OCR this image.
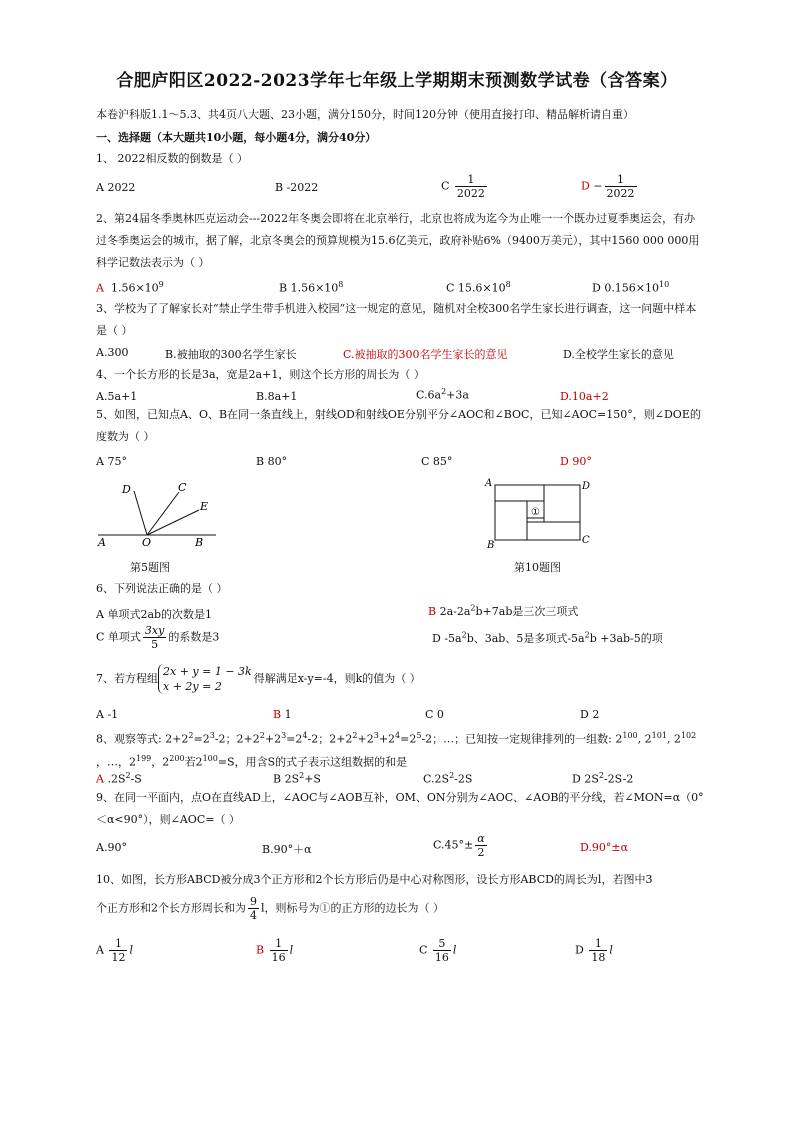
合肥庐阳区2022-2023学年七年级上学期期末预测数学试卷（含答案）
本卷沪科版1.1～5.3、共4页八大题、23小题，满分150分，时间120分钟（使用直接打印、精品解析请自重）
一、选择题（本大题共10小题，每小题4分，满分40分）
1、 2022相反数的倒数是（ ）
A 2022	B -2022	C $\frac{1}{2022}$	$D - \frac{1}{2022}$
2、第24届冬季奥林匹克运动会---2022年冬奥会即将在北京举行，北京也将成为迄今为止唯一一个既办过夏季奥运会，有办过冬季奥运会的城市，据了解，北京冬奥会的预算规模为15.6亿美元，政府补贴6%（9400万美元），其中1560 000 000用科学记数法表示为（ ）
A  $1.56\times 10^9$	B $1.56\times 10^8$	C $15.6\times 10^8$	D $0.156\times 10^{10}$
3、学校为了了解家长对“禁止学生带手机进入校园”这一规定的意见，随机对全校300名学生家长进行调查，这一问题中样本是（ ）
A.300	B.被抽取的300名学生家长	C.被抽取的300名学生家长的意见	D.全校学生家长的意见
4、一个长方形的长是3a，宽是2a+1，则这个长方形的周长为（ ）
A.5a+1	B.8a+1	$C.6a^2+3a$	D.10a+2
5、如图，已知点A、O、B在同一条直线上，射线OD和射线OE分别平分∠AOC和∠BOC，已知∠AOC=150°，则∠DOE的度数为（ ）
A 75°	B 80°	C 85°	D 90°
D	C
E
A	O	B
第5题图
①
A	D
B	C
第10题图
6、下列说法正确的是（ ）
A 单项式2ab的次数是1	B $2a-2a^2b+7ab$是三次三项式
C 单项式 $\frac{3xy}{5}$ 的系数是3	D $-5a^2b$、3ab、5是多项式$-5a^2b +3ab-5$的项
7、若方程组
2x + y = 1 − 3k
x + 2y = 2
得解满足x-y=-4，则k的值为（ ）
A -1	B 1	C 0	D 2
8、观察等式: $2+2^2=2^3-2$；$2+2^2+2^3=2^4-2$；$2+2^2+2^3+2^4=2^5-2$；…；已知按一定规律排列的一组数: $2^{100}$, $2^{101}$, $2^{102}$
，…，$2^{199}$，$2^{200}$若$2^{100}=S$，用含S的式子表示这组数据的和是
A $.2S^2-S$	B $2S^2+S$	$C.2S^2-2S$	D $2S^2-2S-2$
9、在同一平面内，点O在直线AD上，∠AOC与∠AOB互补，OM、ON分别为∠AOC、∠AOB的平分线，若∠MON=α（0°＜α<90°），则∠AOC=（ ）
A.90°	B.90°＋α	$C.45^\circ\pm \frac{\alpha}{2}$	D.90°±α
10、如图，长方形ABCD被分成3个正方形和2个长方形后仍是中心对称图形，设长方形ABCD的周长为l，若图中3
个正方形和2个长方形周长和为 $\frac{9}{4}$ l，则标号为①的正方形的边长为（ ）
A $\frac{1}{12}$ l	B $\frac{1}{16}$ l	C $\frac{5}{16}$ l	D $\frac{1}{18}$ l
